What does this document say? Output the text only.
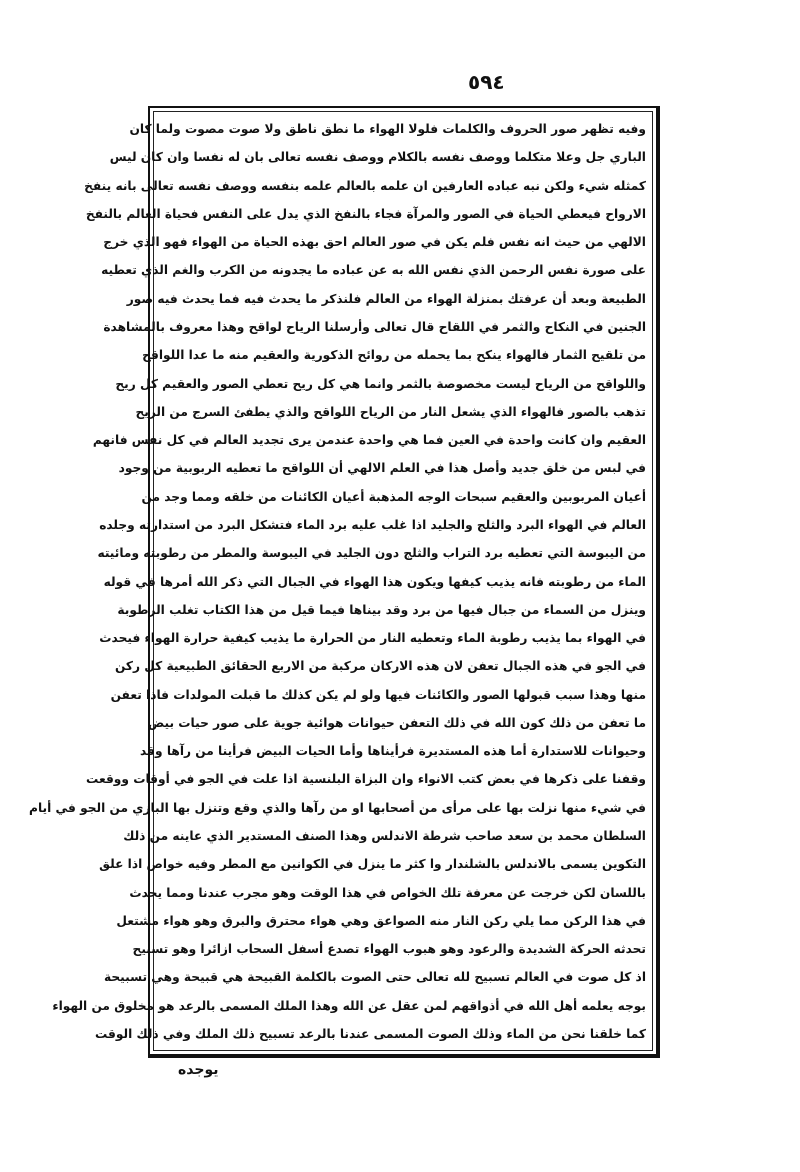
٥٩٤
وفيه تظهر صور الحروف والكلمات فلولا الهواء ما نطق ناطق ولا صوت مصوت ولما كان
الباري جل وعلا متكلما ووصف نفسه بالكلام ووصف نفسه تعالى بان له نفسا وان كان ليس
كمثله شيء ولكن نبه عباده العارفين ان علمه بالعالم علمه بنفسه ووصف نفسه تعالى بانه ينفخ
الارواح فيعطي الحياة في الصور والمرآة فجاء بالنفخ الذي يدل على النفس فحياة العالم بالنفخ
الالهي من حيث انه نفس فلم يكن في صور العالم احق بهذه الحياة من الهواء فهو الذي خرج
على صورة نفس الرحمن الذي نفس الله به عن عباده ما يجدونه من الكرب والغم الذي تعطيه
الطبيعة وبعد أن عرفتك بمنزلة الهواء من العالم فلنذكر ما يحدث فيه فما يحدث فيه صور
الجنين في النكاح والثمر في اللقاح قال تعالى وأرسلنا الرياح لواقح وهذا معروف بالمشاهدة
من تلقيح الثمار فالهواء ينكح بما يحمله من روائح الذكورية والعقيم منه ما عدا اللواقح
واللواقح من الرياح ليست مخصوصة بالثمر وانما هي كل ريح تعطي الصور والعقيم كل ريح
تذهب بالصور فالهواء الذي يشعل النار من الرياح اللواقح والذي يطفئ السرج من الريح
العقيم وان كانت واحدة في العين فما هي واحدة عندمن يرى تجديد العالم في كل نفس فانهم
في لبس من خلق جديد وأصل هذا في العلم الالهي أن اللواقح ما تعطيه الربوبية من وجود
أعيان المربوبين والعقيم سبحات الوجه المذهبة أعيان الكائنات من خلقه ومما وجد من
العالم في الهواء البرد والثلج والجليد اذا غلب عليه برد الماء فتشكل البرد من استدارته وجلده
من اليبوسة التي تعطيه برد التراب والثلج دون الجليد في اليبوسة والمطر من رطوبته ومائيته
الماء من رطوبته فانه يذيب كيفها ويكون هذا الهواء في الجبال التي ذكر الله أمرها في قوله
وينزل من السماء من جبال فيها من برد وقد بيناها فيما قيل من هذا الكتاب تغلب الرطوبة
في الهواء بما يذيب رطوبة الماء وتعطيه النار من الحرارة ما يذيب كيفية حرارة الهواء فيحدث
في الجو في هذه الجبال تعفن لان هذه الاركان مركبة من الاربع الحقائق الطبيعية كل ركن
منها وهذا سبب قبولها الصور والكائنات فيها ولو لم يكن كذلك ما قبلت المولدات فاذا تعفن
ما تعفن من ذلك كون الله في ذلك التعفن حيوانات هوائية جوية على صور حيات بيض
وحيوانات للاستدارة أما هذه المستديرة فرأيناها وأما الحيات البيض فرأينا من رآها وقد
وقفنا على ذكرها في بعض كتب الانواء وان البزاة البلنسية اذا علت في الجو في أوقات ووقعت
في شيء منها نزلت بها على مرأى من أصحابها او من رآها والذي وقع وتنزل بها البازي من الجو في أيام
السلطان محمد بن سعد صاحب شرطة الاندلس وهذا الصنف المستدير الذي عاينه من ذلك
التكوين يسمى بالاندلس بالشلندار وا كثر ما ينزل في الكوانين مع المطر وفيه خواص اذا علق
باللسان لكن خرجت عن معرفة تلك الخواص في هذا الوقت وهو مجرب عندنا ومما يحدث
في هذا الركن مما يلي ركن النار منه الصواعق وهي هواء محترق والبرق وهو هواء مشتعل
تحدثه الحركة الشديدة والرعود وهو هبوب الهواء تصدع أسفل السحاب ازائرا وهو تسبيح
اذ كل صوت في العالم تسبيح لله تعالى حتى الصوت بالكلمة القبيحة هي قبيحة وهي تسبيحة
بوجه يعلمه أهل الله في أذواقهم لمن عقل عن الله وهذا الملك المسمى بالرعد هو مخلوق من الهواء
كما خلقنا نحن من الماء وذلك الصوت المسمى عندنا بالرعد تسبيح ذلك الملك وفي ذلك الوقت
يوجده
